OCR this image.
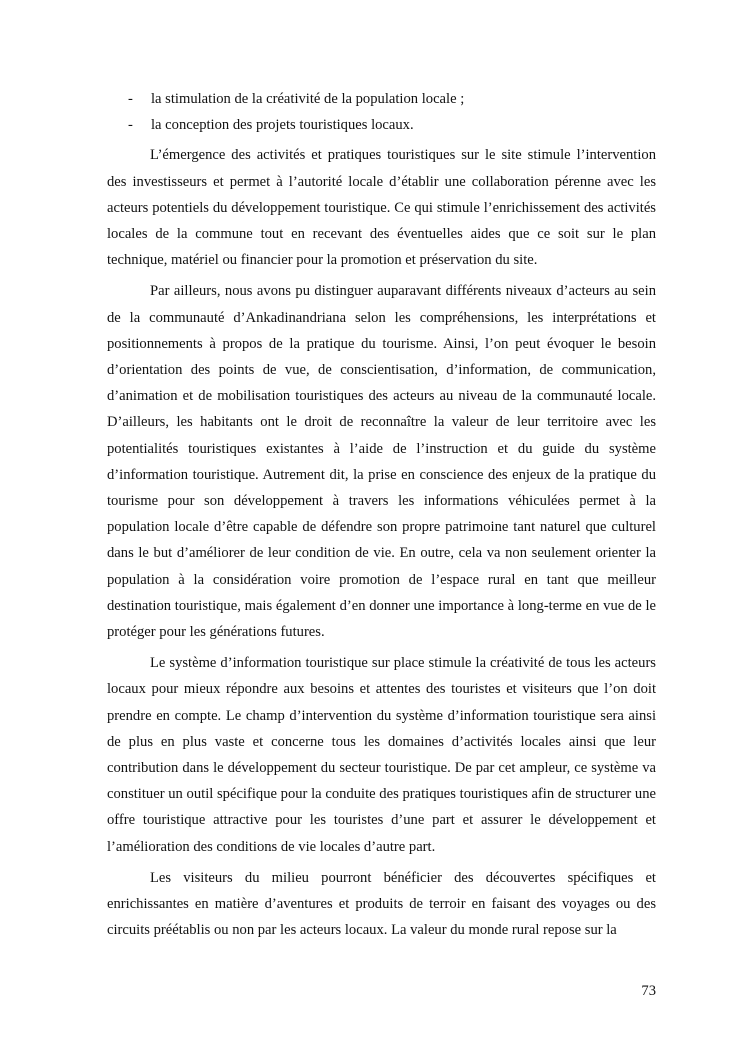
- la stimulation de la créativité de la population locale ;
- la conception des projets touristiques locaux.

L’émergence des activités et pratiques touristiques sur le site stimule l’intervention des investisseurs et permet à l’autorité locale d’établir une collaboration pérenne avec les acteurs potentiels du développement touristique. Ce qui stimule l’enrichissement des activités locales de la commune tout en recevant des éventuelles aides que ce soit sur le plan technique, matériel ou financier pour la promotion et préservation du site.

Par ailleurs, nous avons pu distinguer auparavant différents niveaux d’acteurs au sein de la communauté d’Ankadinandriana selon les compréhensions, les interprétations et positionnements à propos de la pratique du tourisme. Ainsi, l’on peut évoquer le besoin d’orientation des points de vue, de conscientisation, d’information, de communication, d’animation et de mobilisation touristiques des acteurs au niveau de la communauté locale. D’ailleurs, les habitants ont le droit de reconnaître la valeur de leur territoire avec les potentialités touristiques existantes à l’aide de l’instruction et du guide du système d’information touristique. Autrement dit, la prise en conscience des enjeux de la pratique du tourisme pour son développement à travers les informations véhiculées permet à la population locale d’être capable de défendre son propre patrimoine tant naturel que culturel dans le but d’améliorer de leur condition de vie. En outre, cela va non seulement orienter la population à la considération voire promotion de l’espace rural en tant que meilleur destination touristique, mais également d’en donner une importance à long-terme en vue de le protéger pour les générations futures.

Le système d’information touristique sur place stimule la créativité de tous les acteurs locaux pour mieux répondre aux besoins et attentes des touristes et visiteurs que l’on doit prendre en compte. Le champ d’intervention du système d’information touristique sera ainsi de plus en plus vaste et concerne tous les domaines d’activités locales ainsi que leur contribution dans le développement du secteur touristique. De par cet ampleur, ce système va constituer un outil spécifique pour la conduite des pratiques touristiques afin de structurer une offre touristique attractive pour les touristes d’une part et assurer le développement et l’amélioration des conditions de vie locales d’autre part.

Les visiteurs du milieu pourront bénéficier des découvertes spécifiques et enrichissantes en matière d’aventures et produits de terroir en faisant des voyages ou des circuits préétablis ou non par les acteurs locaux. La valeur du monde rural repose sur la

73
